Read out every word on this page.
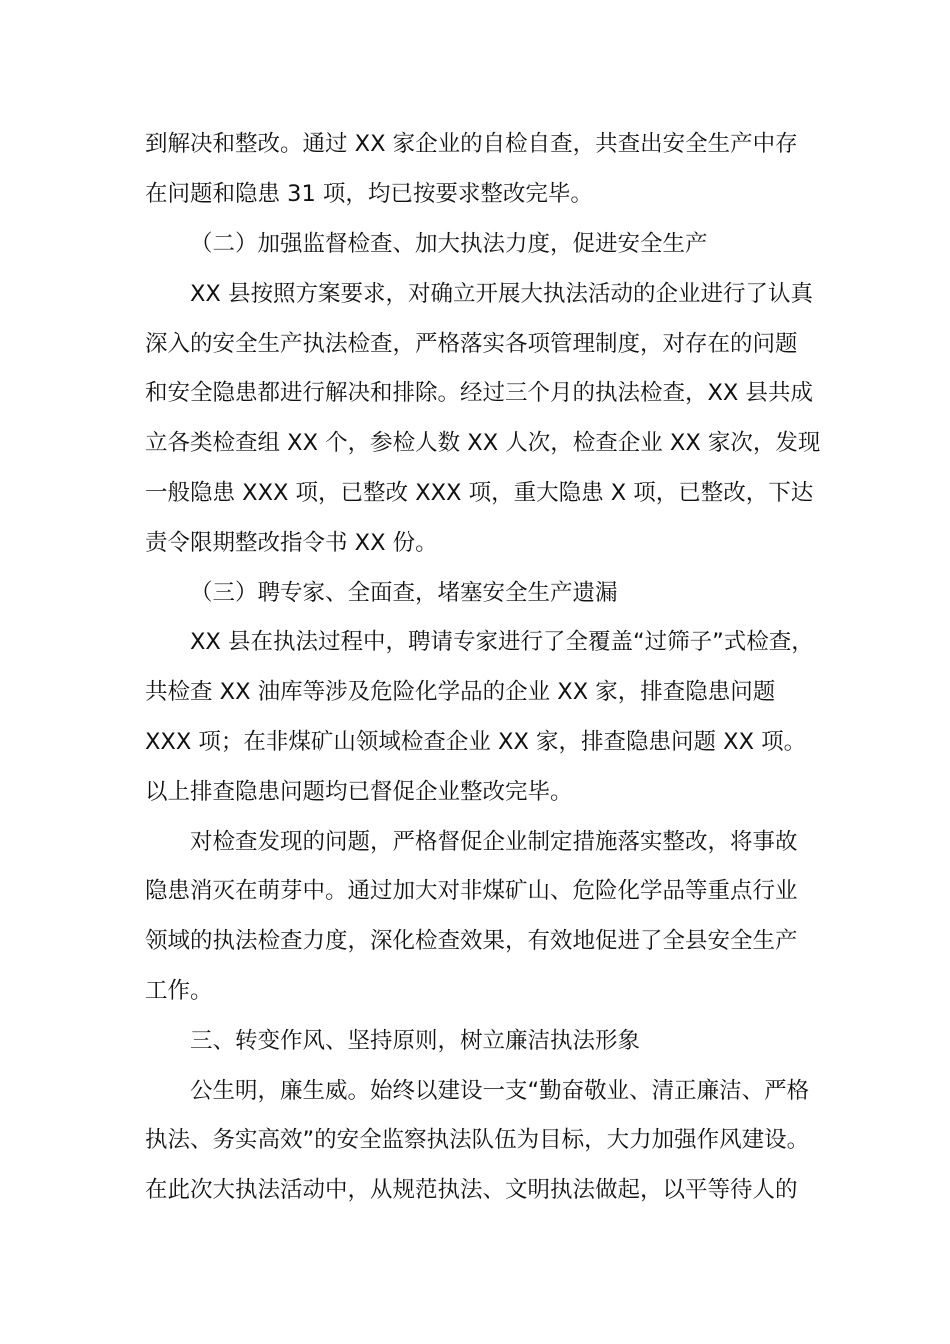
到解决和整改。通过 XX 家企业的自检自查，共查出安全生产中存
在问题和隐患 31 项，均已按要求整改完毕。
（二）加强监督检查、加大执法力度，促进安全生产
XX 县按照方案要求，对确立开展大执法活动的企业进行了认真
深入的安全生产执法检查，严格落实各项管理制度，对存在的问题
和安全隐患都进行解决和排除。经过三个月的执法检查，XX 县共成
立各类检查组 XX 个，参检人数 XX 人次，检查企业 XX 家次，发现
一般隐患 XXX 项，已整改 XXX 项，重大隐患 X 项，已整改，下达
责令限期整改指令书 XX 份。
（三）聘专家、全面查，堵塞安全生产遗漏
XX 县在执法过程中，聘请专家进行了全覆盖“过筛子”式检查，
共检查 XX 油库等涉及危险化学品的企业 XX 家，排查隐患问题
XXX 项；在非煤矿山领域检查企业 XX 家，排查隐患问题 XX 项。
以上排查隐患问题均已督促企业整改完毕。
对检查发现的问题，严格督促企业制定措施落实整改，将事故
隐患消灭在萌芽中。通过加大对非煤矿山、危险化学品等重点行业
领域的执法检查力度，深化检查效果，有效地促进了全县安全生产
工作。
三、转变作风、坚持原则，树立廉洁执法形象
公生明，廉生威。始终以建设一支“勤奋敬业、清正廉洁、严格
执法、务实高效”的安全监察执法队伍为目标，大力加强作风建设。
在此次大执法活动中，从规范执法、文明执法做起，以平等待人的
